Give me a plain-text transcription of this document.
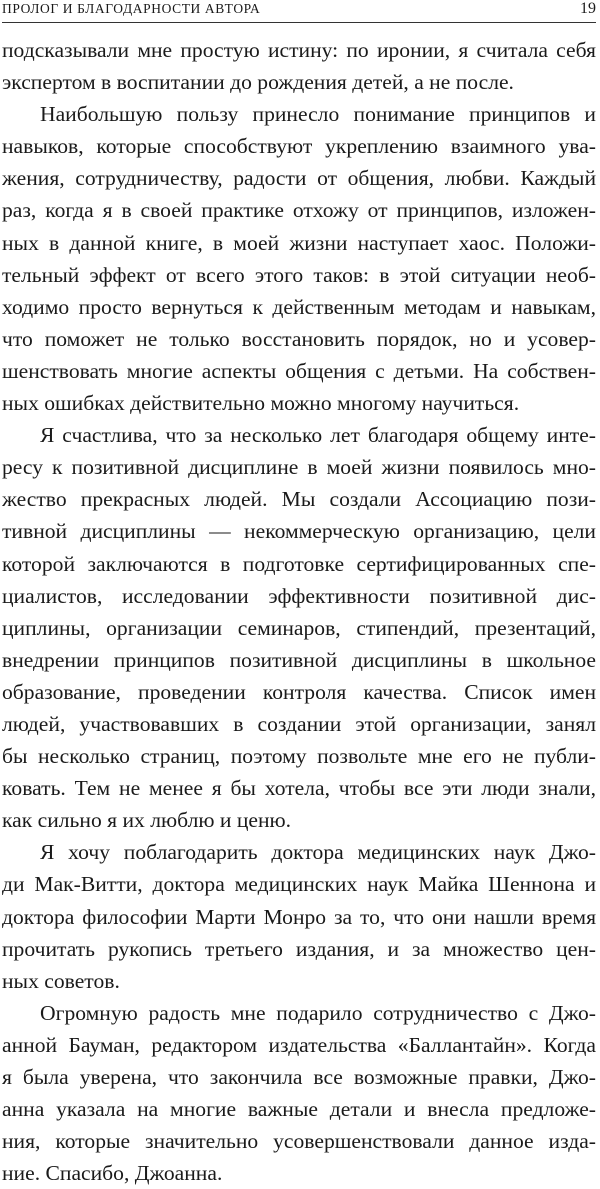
ПРОЛОГ И БЛАГОДАРНОСТИ АВТОРА	19

подсказывали мне простую истину: по иронии, я считала себя

экспертом в воспитании до рождения детей, а не после.

Наибольшую пользу принесло понимание принципов и

навыков, которые способствуют укреплению взаимного ува-

жения, сотрудничеству, радости от общения, любви. Каждый

раз, когда я в своей практике отхожу от принципов, изложен-

ных в данной книге, в моей жизни наступает хаос. Положи-

тельный эффект от всего этого таков: в этой ситуации необ-

ходимо просто вернуться к действенным методам и навыкам,

что поможет не только восстановить порядок, но и усовер-

шенствовать многие аспекты общения с детьми. На собствен-

ных ошибках действительно можно многому научиться.

Я счастлива, что за несколько лет благодаря общему инте-

ресу к позитивной дисциплине в моей жизни появилось мно-

жество прекрасных людей. Мы создали Ассоциацию пози-

тивной дисциплины — некоммерческую организацию, цели

которой заключаются в подготовке сертифицированных спе-

циалистов, исследовании эффективности позитивной дис-

циплины, организации семинаров, стипендий, презентаций,

внедрении принципов позитивной дисциплины в школьное

образование, проведении контроля качества. Список имен

людей, участвовавших в создании этой организации, занял

бы несколько страниц, поэтому позвольте мне его не публи-

ковать. Тем не менее я бы хотела, чтобы все эти люди знали,

как сильно я их люблю и ценю.

Я хочу поблагодарить доктора медицинских наук Джо-

ди Мак-Витти, доктора медицинских наук Майка Шеннона и

доктора философии Марти Монро за то, что они нашли время

прочитать рукопись третьего издания, и за множество цен-

ных советов.

Огромную радость мне подарило сотрудничество с Джо-

анной Бауман, редактором издательства «Баллантайн». Когда

я была уверена, что закончила все возможные правки, Джо-

анна указала на многие важные детали и внесла предложе-

ния, которые значительно усовершенствовали данное изда-

ние. Спасибо, Джоанна.
